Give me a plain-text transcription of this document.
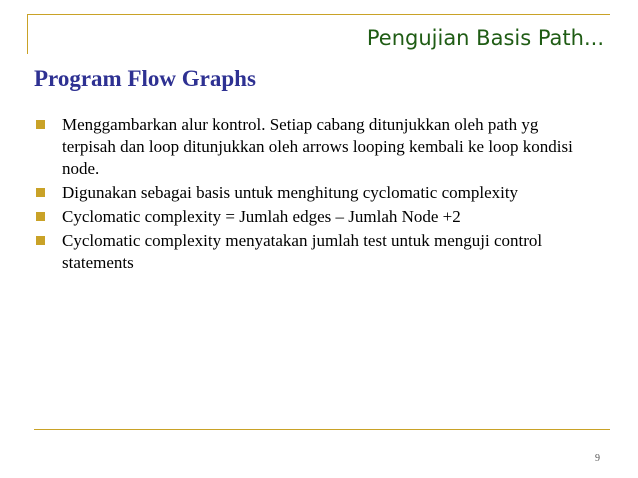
Pengujian Basis Path...
Program Flow Graphs
Menggambarkan alur kontrol. Setiap cabang ditunjukkan oleh path yg terpisah dan loop ditunjukkan oleh arrows looping kembali ke loop kondisi node.
Digunakan sebagai basis untuk menghitung cyclomatic complexity
Cyclomatic complexity = Jumlah edges – Jumlah Node +2
Cyclomatic complexity menyatakan jumlah test untuk menguji control statements
9
